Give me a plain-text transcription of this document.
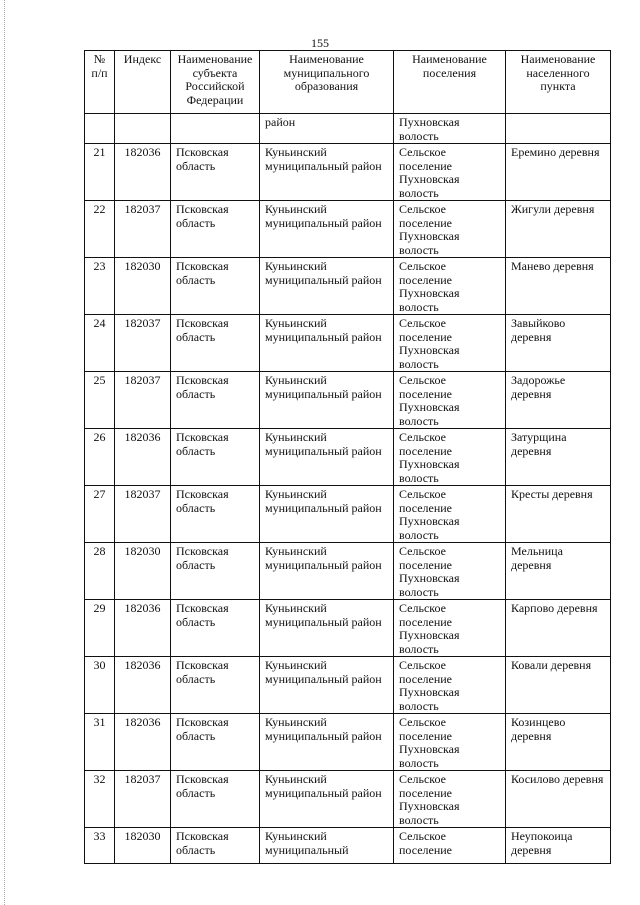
155
№ п/п	Индекс	Наименование субъекта Российской Федерации	Наименование муниципального образования	Наименование поселения	Наименование населенного пункта
			район	Пухновская волость	
21	182036	Псковская область	Куньинский муниципальный район	Сельское поселение Пухновская волость	Еремино деревня
22	182037	Псковская область	Куньинский муниципальный район	Сельское поселение Пухновская волость	Жигули деревня
23	182030	Псковская область	Куньинский муниципальный район	Сельское поселение Пухновская волость	Манево деревня
24	182037	Псковская область	Куньинский муниципальный район	Сельское поселение Пухновская волость	Завыйково деревня
25	182037	Псковская область	Куньинский муниципальный район	Сельское поселение Пухновская волость	Задорожье деревня
26	182036	Псковская область	Куньинский муниципальный район	Сельское поселение Пухновская волость	Затурщина деревня
27	182037	Псковская область	Куньинский муниципальный район	Сельское поселение Пухновская волость	Кресты деревня
28	182030	Псковская область	Куньинский муниципальный район	Сельское поселение Пухновская волость	Мельница деревня
29	182036	Псковская область	Куньинский муниципальный район	Сельское поселение Пухновская волость	Карпово деревня
30	182036	Псковская область	Куньинский муниципальный район	Сельское поселение Пухновская волость	Ковали деревня
31	182036	Псковская область	Куньинский муниципальный район	Сельское поселение Пухновская волость	Козинцево деревня
32	182037	Псковская область	Куньинский муниципальный район	Сельское поселение Пухновская волость	Косилово деревня
33	182030	Псковская область	Куньинский муниципальный	Сельское поселение	Неупокоица деревня
